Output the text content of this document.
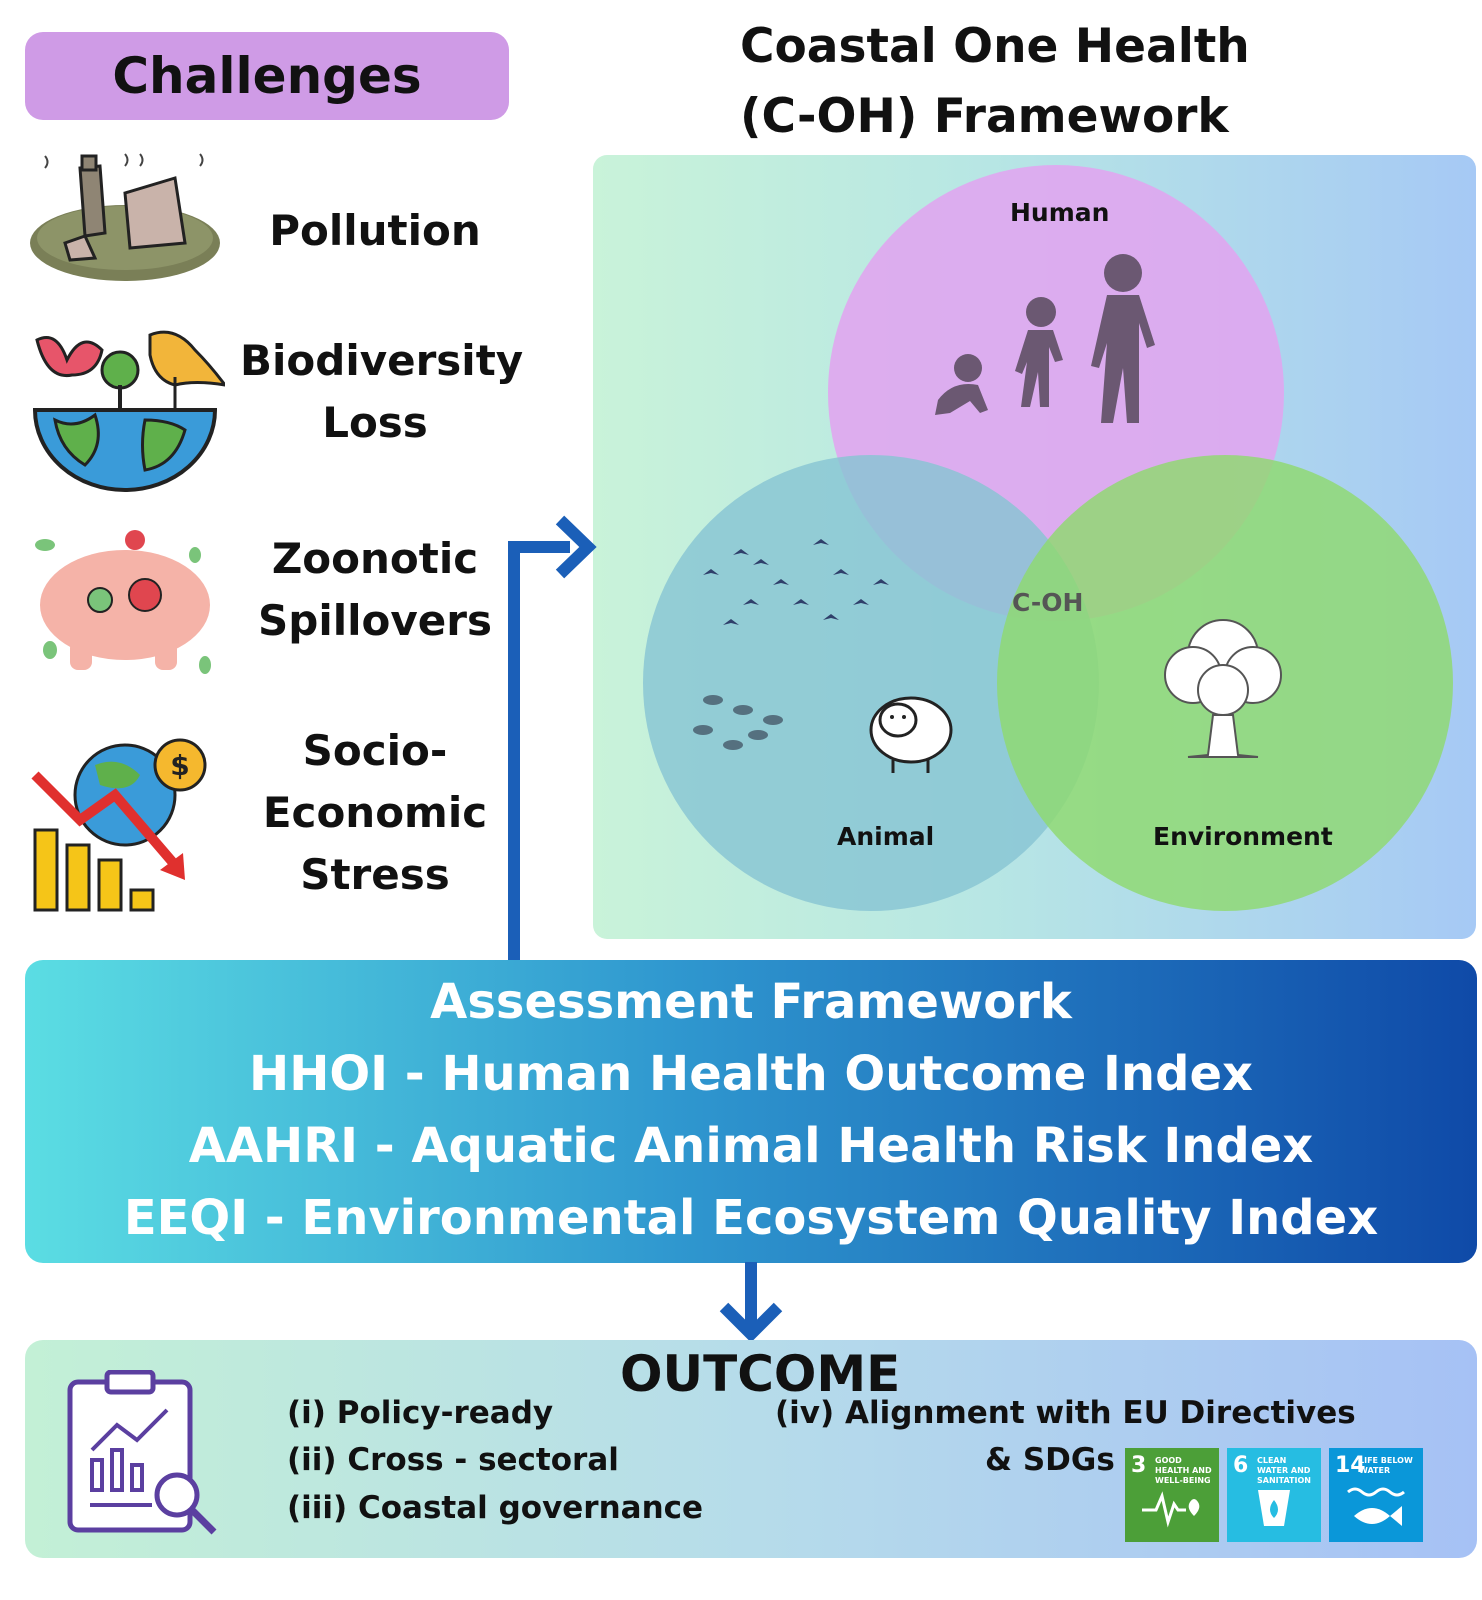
Challenges
Pollution
Biodiversity
Loss
Zoonotic
Spillovers
$	Socio-
Economic
Stress
Coastal One Health
(C-OH) Framework
Human
Animal	Environment
C-OH
Assessment Framework
HHOI - Human Health Outcome Index
AAHRI - Aquatic Animal Health Risk Index
EEQI - Environmental Ecosystem Quality Index
OUTCOME
(i) Policy-ready
(ii) Cross - sectoral
(iii) Coastal governance
(iv) Alignment with EU Directives
& SDGs 3 GOOD HEALTH AND WELL-BEING
6 CLEAN WATER AND SANITATION
14
LIFE BELOW WATER
